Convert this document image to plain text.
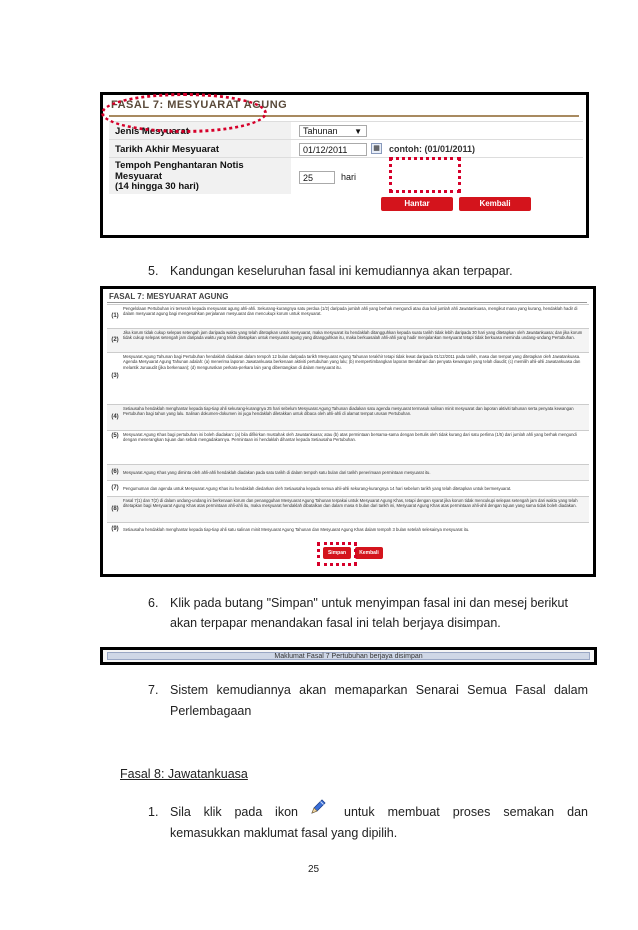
FASAL 7: MESYUARAT AGUNG
Jenis Mesyuarat	Tahunan ▼
Tarikh Akhir Mesyuarat	01/12/2011	▦ contoh: (01/01/2011)
Tempoh Penghantaran Notis
Mesyuarat
(14 hingga 30 hari)
25	hari
Hantar	Kembali
5. Kandungan keseluruhan fasal ini kemudiannya akan terpapar.
FASAL 7: MESYUARAT AGUNG
(1)
Pengelolaan Pertubuhan ini terserah kepada mesyuarat agung ahli-ahli. Sekurang-kurangnya satu perdua (1/2) daripada jumlah ahli yang berhak mengundi atau dua kali jumlah ahli Jawatankuasa, mengikut mana yang kurang, hendaklah hadir di dalam mesyuarat agung bagi mengesahkan perjalanan mesyuarat dan mencukupi korum untuk mesyuarat.
(2)
Jika korum tidak cukup selepas setengah jam daripada waktu yang telah ditetapkan untuk mesyuarat, maka mesyuarat itu hendaklah ditangguhkan kepada suatu tarikh tidak lebih daripada 30 hari yang ditetapkan oleh Jawatankuasa; dan jika korum tidak cukup selepas setengah jam daripada waktu yang telah ditetapkan untuk mesyuarat agung yang ditangguhkan itu, maka berkuasalah ahli-ahli yang hadir menjalankan mesyuarat tetapi tidak berkuasa meminda undang-undang Pertubuhan.
(3)
Mesyuarat Agung Tahunan bagi Pertubuhan hendaklah diadakan dalam tempoh 12 bulan daripada tarikh Mesyuarat Agung Tahunan terakhir tetapi tidak lewat daripada 01/12/2011 pada tarikh, masa dan tempat yang ditetapkan oleh Jawatankuasa. Agenda Mesyuarat Agung Tahunan adalah: (a) menerima laporan Jawatankuasa berkenaan aktiviti pertubuhan yang lalu; (b) mempertimbangkan laporan Bendahari dan penyata kewangan yang telah diaudit; (c) memilih ahli-ahli Jawatankuasa dan melantik Juruaudit (jika berkenaan); (d) menguruskan perkara-perkara lain yang dibentangkan di dalam mesyuarat itu.
(4)
Setiausaha hendaklah menghantar kepada tiap-tiap ahli sekurang-kurangnya 25 hari sebelum Mesyuarat Agung Tahunan diadakan satu agenda mesyuarat termasuk salinan minit mesyuarat dan laporan aktiviti tahunan serta penyata kewangan Pertubuhan bagi tahun yang lalu. Salinan dokumen-dokumen ini juga hendaklah diletakkan untuk dibaca oleh ahli-ahli di alamat tempat urusan Pertubuhan.
(5)	Mesyuarat Agung Khas bagi pertubuhan ini boleh diadakan: (a) bila difikirkan mustahak oleh Jawatankuasa; atau (b) atas permintaan bersama-sama dengan bertulis oleh tidak kurang dari satu perlima (1/5) dari jumlah ahli yang berhak mengundi dengan menerangkan tujuan dan sebab mengadakannya. Permintaan ini hendaklah dihantar kepada Setiausaha Pertubuhan.
(6)	Mesyuarat Agung Khas yang diminta oleh ahli-ahli hendaklah diadakan pada satu tarikh di dalam tempoh satu bulan dari tarikh penerimaan permintaan mesyuarat itu.
(7)	Pengumuman dan agenda untuk Mesyuarat Agung Khas itu hendaklah diedarkan oleh Setiausaha kepada semua ahli-ahli sekurang-kurangnya 14 hari sebelum tarikh yang telah ditetapkan untuk bermesyuarat.
(8)
Fasal 7(1) dan 7(2) di dalam undang-undang ini berkenaan korum dan penangguhan Mesyuarat Agung Tahunan terpakai untuk Mesyuarat Agung Khas, tetapi dengan syarat jika korum tidak mencukupi selepas setengah jam dari waktu yang telah ditetapkan bagi Mesyuarat Agung Khas atas permintaan ahli-ahli itu, maka mesyuarat hendaklah dibatalkan dan dalam masa 6 bulan dari tarikh ini, Mesyuarat Agung Khas atas permintaan ahli-ahli dengan tujuan yang sama tidak boleh diadakan.
(9)	Setiausaha hendaklah menghantar kepada tiap-tiap ahli satu salinan minit Mesyuarat Agung Tahunan dan Mesyuarat Agung Khas dalam tempoh 3 bulan setelah selesainya mesyuarat itu.
Simpan	Kembali
6. Klik pada butang "Simpan" untuk menyimpan fasal ini dan mesej berikut
akan terpapar menandakan fasal ini telah berjaya disimpan.
Maklumat Fasal 7 Pertubuhan berjaya disimpan
7. Sistem kemudiannya akan memaparkan Senarai Semua Fasal dalam
Perlembagaan
Fasal 8: Jawatankuasa
1. Sila klik pada ikon	untuk membuat proses semakan dan
kemasukkan maklumat fasal yang dipilih.
25
